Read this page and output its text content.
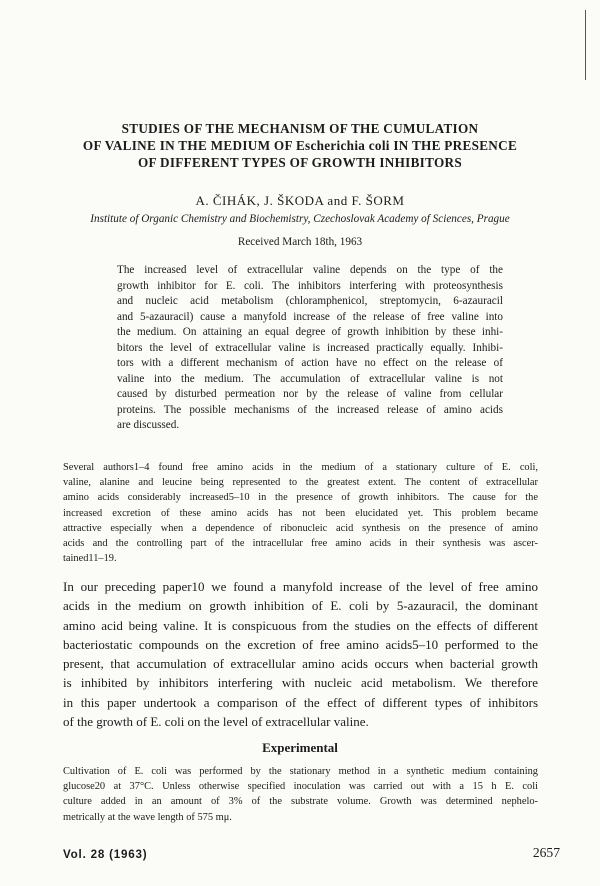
STUDIES OF THE MECHANISM OF THE CUMULATION
OF VALINE IN THE MEDIUM OF Escherichia coli IN THE PRESENCE
OF DIFFERENT TYPES OF GROWTH INHIBITORS
A. ČIHÁK, J. ŠKODA and F. ŠORM
Institute of Organic Chemistry and Biochemistry, Czechoslovak Academy of Sciences, Prague
Received March 18th, 1963
The increased level of extracellular valine depends on the type of the
growth inhibitor for E. coli. The inhibitors interfering with proteosynthesis
and nucleic acid metabolism (chloramphenicol, streptomycin, 6-azauracil
and 5-azauracil) cause a manyfold increase of the release of free valine into
the medium. On attaining an equal degree of growth inhibition by these inhi-
bitors the level of extracellular valine is increased practically equally. Inhibi-
tors with a different mechanism of action have no effect on the release of
valine into the medium. The accumulation of extracellular valine is not
caused by disturbed permeation nor by the release of valine from cellular
proteins. The possible mechanisms of the increased release of amino acids
are discussed.
Several authors1–4 found free amino acids in the medium of a stationary culture of E. coli,
valine, alanine and leucine being represented to the greatest extent. The content of extracellular
amino acids considerably increased5–10 in the presence of growth inhibitors. The cause for the
increased excretion of these amino acids has not been elucidated yet. This problem became
attractive especially when a dependence of ribonucleic acid synthesis on the presence of amino
acids and the controlling part of the intracellular free amino acids in their synthesis was ascer-
tained11–19.
In our preceding paper10 we found a manyfold increase of the level of free amino
acids in the medium on growth inhibition of E. coli by 5-azauracil, the dominant
amino acid being valine. It is conspicuous from the studies on the effects of different
bacteriostatic compounds on the excretion of free amino acids5–10 performed to the
present, that accumulation of extracellular amino acids occurs when bacterial growth
is inhibited by inhibitors interfering with nucleic acid metabolism. We therefore
in this paper undertook a comparison of the effect of different types of inhibitors
of the growth of E. coli on the level of extracellular valine.
Experimental
Cultivation of E. coli was performed by the stationary method in a synthetic medium containing
glucose20 at 37°C. Unless otherwise specified inoculation was carried out with a 15 h E. coli
culture added in an amount of 3% of the substrate volume. Growth was determined nephelo-
metrically at the wave length of 575 mμ.
Vol. 28 (1963)	2657
